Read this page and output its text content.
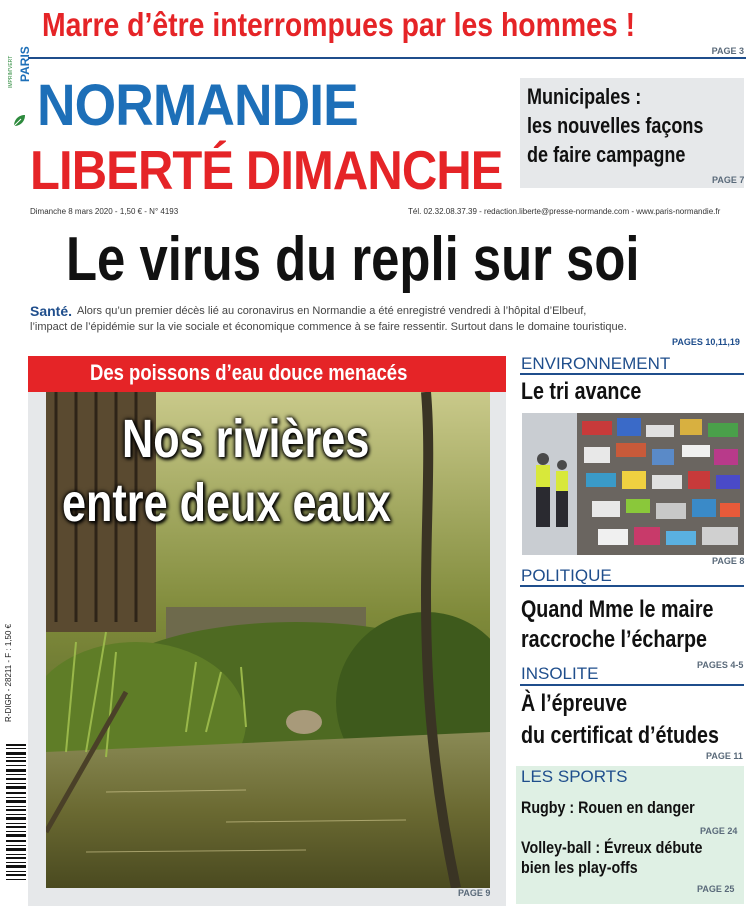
Marre d’être interrompues par les hommes !
PAGE 3
PARIS
IMPRIM'VERT
NORMANDIE
LIBERTÉ DIMANCHE
Municipales :
les nouvelles façons
de faire campagne
PAGE 7
Dimanche 8 mars 2020 - 1,50 € - N° 4193	Tél. 02.32.08.37.39 - redaction.liberte@presse-normande.com - www.paris-normandie.fr
Le virus du repli sur soi
Santé. Alors qu’un premier décès lié au coronavirus en Normandie a été enregistré vendredi à l’hôpital d’Elbeuf,
l’impact de l’épidémie sur la vie sociale et économique commence à se faire ressentir. Surtout dans le domaine touristique.
PAGES 10,11,19
Des poissons d’eau douce menacés
Nos rivières
entre deux eaux
PAGE 9
R-DIGR - 28211 - F : 1,50 €
ENVIRONNEMENT
Le tri avance
PAGE 8
POLITIQUE
Quand Mme le maire
raccroche l’écharpe
PAGES 4-5
INSOLITE
À l’épreuve
du certificat d’études
PAGE 11
LES SPORTS
Rugby : Rouen en danger
PAGE 24
Volley-ball : Évreux débute
bien les play-offs
PAGE 25
